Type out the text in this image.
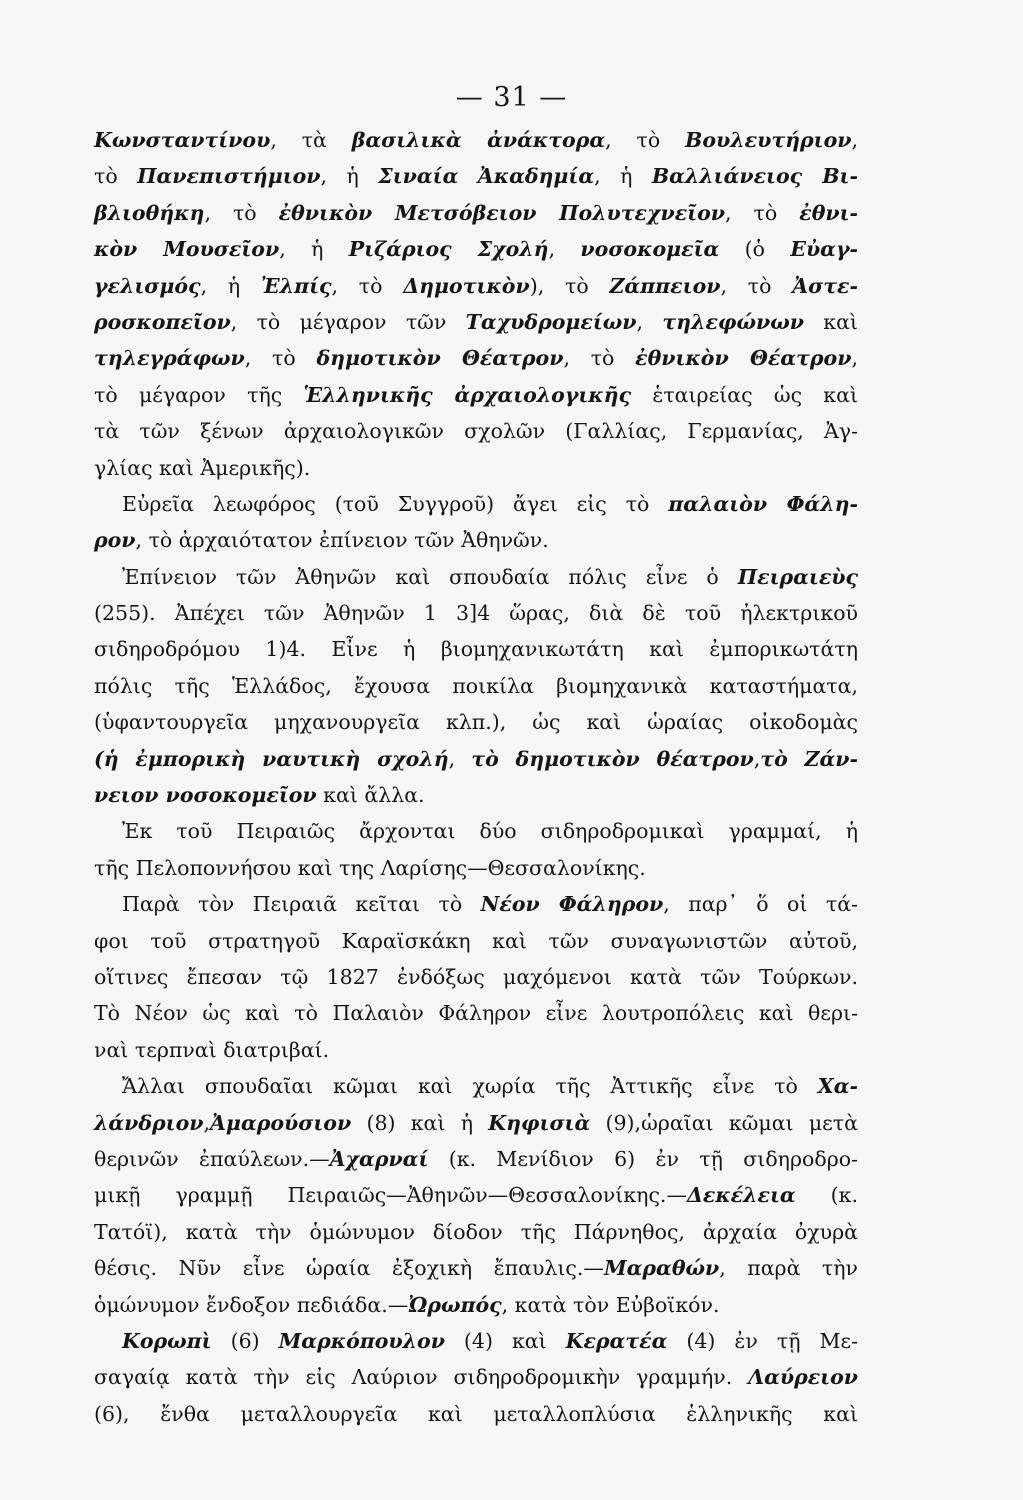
— 31 —
Κωνσταντίνου, τὰ βασιλικὰ ἀνάκτορα, τὸ Βουλευτήριον,
τὸ Πανεπιστήμιον, ἡ Σιναία Ἀκαδημία, ἡ Βαλλιάνειος Βι-
βλιοθήκη, τὸ ἐθνικὸν Μετσόβειον Πολυτεχνεῖον, τὸ ἐθνι-
κὸν Μουσεῖον, ἡ Ριζάριος Σχολή, νοσοκομεῖα (ὁ Εὐαγ-
γελισμός, ἡ Ἐλπίς, τὸ Δημοτικὸν), τὸ Ζάππειον, τὸ Ἀστε-
ροσκοπεῖον, τὸ μέγαρον τῶν Ταχυδρομείων, τηλεφώνων καὶ
τηλεγράφων, τὸ δημοτικὸν Θέατρον, τὸ ἐθνικὸν Θέατρον,
τὸ μέγαρον τῆς Ἑλληνικῆς ἀρχαιολογικῆς ἑταιρείας ὡς καὶ
τὰ τῶν ξένων ἀρχαιολογικῶν σχολῶν (Γαλλίας, Γερμανίας, Ἀγ-
γλίας καὶ Ἀμερικῆς).
Εὐρεῖα λεωφόρος (τοῦ Συγγροῦ) ἄγει εἰς τὸ παλαιὸν Φάλη-
ρον, τὸ ἀρχαιότατον ἐπίνειον τῶν Ἀθηνῶν.
Ἐπίνειον τῶν Ἀθηνῶν καὶ σπουδαία πόλις εἶνε ὁ Πειραιεὺς
(255). Ἀπέχει τῶν Ἀθηνῶν 1 3]4 ὥρας, διὰ δὲ τοῦ ἠλεκτρικοῦ
σιδηροδρόμου 1)4. Εἶνε ἡ βιομηχανικωτάτη καὶ ἐμπορικωτάτη
πόλις τῆς Ἑλλάδος, ἔχουσα ποικίλα βιομηχανικὰ καταστήματα,
(ὑφαντουργεῖα μηχανουργεῖα κλπ.), ὡς καὶ ὡραίας οἰκοδομὰς
(ἡ ἐμπορικὴ ναυτικὴ σχολή, τὸ δημοτικὸν θέατρον,τὸ Ζάν-
νειον νοσοκομεῖον καὶ ἄλλα.
Ἐκ τοῦ Πειραιῶς ἄρχονται δύο σιδηροδρομικαὶ γραμμαί, ἡ
τῆς Πελοποννήσου καὶ της Λαρίσης—Θεσσαλονίκης.
Παρὰ τὸν Πειραιᾶ κεῖται τὸ Νέον Φάληρον, παρ᾽ ὅ οἱ τά-
φοι τοῦ στρατηγοῦ Καραϊσκάκη καὶ τῶν συναγωνιστῶν αὐτοῦ,
οἵτινες ἔπεσαν τῷ 1827 ἐνδόξως μαχόμενοι κατὰ τῶν Τούρκων.
Τὸ Νέον ὡς καὶ τὸ Παλαιὸν Φάληρον εἶνε λουτροπόλεις καὶ θερι-
ναὶ τερπναὶ διατριβαί.
Ἄλλαι σπουδαῖαι κῶμαι καὶ χωρία τῆς Ἀττικῆς εἶνε τὸ Χα-
λάνδριον,Ἀμαρούσιον (8) καὶ ἡ Κηφισιὰ (9),ὡραῖαι κῶμαι μετὰ
θερινῶν ἐπαύλεων.—Ἀχαρναί (κ. Μενίδιον 6) ἐν τῇ σιδηροδρο-
μικῇ γραμμῇ Πειραιῶς—Ἀθηνῶν—Θεσσαλονίκης.—Δεκέλεια (κ.
Τατόϊ), κατὰ τὴν ὁμώνυμον δίοδον τῆς Πάρνηθος, ἀρχαία ὀχυρὰ
θέσις. Νῦν εἶνε ὡραία ἐξοχικὴ ἔπαυλις.—Μαραθών, παρὰ τὴν
ὁμώνυμον ἔνδοξον πεδιάδα.—Ὠρωπός, κατὰ τὸν Εὐβοϊκόν.
Κορωπὶ (6) Μαρκόπουλον (4) καὶ Κερατέα (4) ἐν τῇ Με-
σαγαίᾳ κατὰ τὴν εἰς Λαύριον σιδηροδρομικὴν γραμμήν. Λαύρειον
(6), ἔνθα μεταλλουργεῖα καὶ μεταλλοπλύσια ἑλληνικῆς καὶ
